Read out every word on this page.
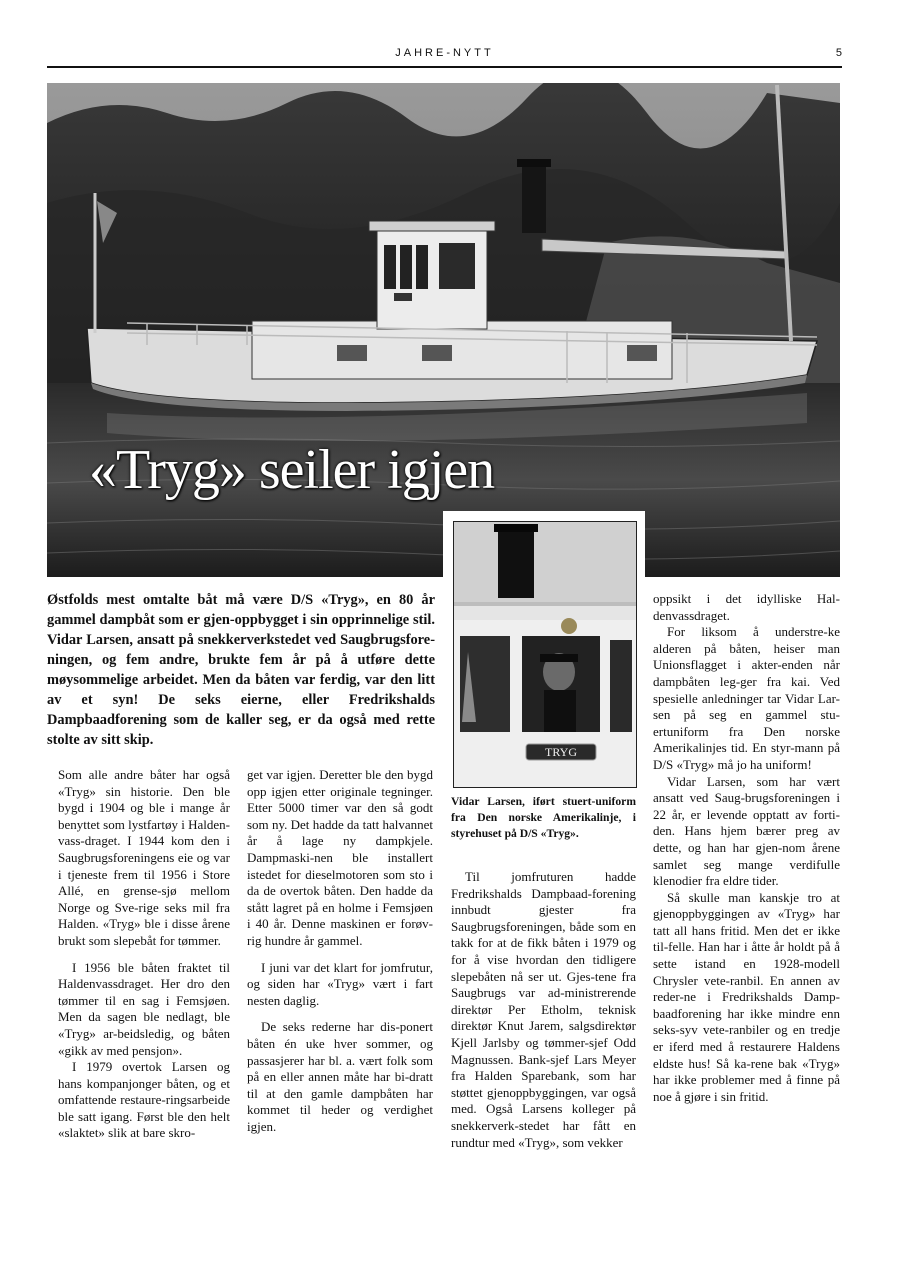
JAHRE-NYTT	5
«Tryg» seiler igjen
TRYG

Østfolds mest omtalte båt må være D/S «Tryg», en 80 år gammel dampbåt som er gjen-oppbygget i sin opprinnelige stil. Vidar Larsen, ansatt på snekkerverkstedet ved Saugbrugsfore-ningen, og fem andre, brukte fem år på å utføre dette møysommelige arbeidet. Men da båten var ferdig, var den litt av et syn! De seks eierne, eller Fredrikshalds Dampbaadforening som de kaller seg, er da også med rette stolte av sitt skip.

Vidar Larsen, iført stuert-uniform fra Den norske Amerikalinje, i styrehuset på D/S «Tryg».

Som alle andre båter har også «Tryg» sin historie. Den ble bygd i 1904 og ble i mange år benyttet som lystfartøy i Halden-vass-draget. I 1944 kom den i Saugbrugsforeningens eie og var i tjeneste frem til 1956 i Store Allé, en grense-sjø mellom Norge og Sve-rige seks mil fra Halden. «Tryg» ble i disse årene brukt som slepebåt for tømmer.

I 1956 ble båten fraktet til Haldenvassdraget. Her dro den tømmer til en sag i Femsjøen. Men da sagen ble nedlagt, ble «Tryg» ar-beidsledig, og båten «gikk av med pensjon».

I 1979 overtok Larsen og hans kompanjonger båten, og et omfattende restaure-ringsarbeide ble satt igang. Først ble den helt «slaktet» slik at bare skro-

get var igjen. Deretter ble den bygd opp igjen etter originale tegninger. Etter 5000 timer var den så godt som ny. Det hadde da tatt halvannet år å lage ny dampkjele. Dampmaski-nen ble installert istedet for dieselmotoren som sto i da de overtok båten. Den hadde da stått lagret på en holme i Femsjøen i 40 år. Denne maskinen er forøv-rig hundre år gammel.

I juni var det klart for jomfrutur, og siden har «Tryg» vært i fart nesten daglig.

De seks rederne har dis-ponert båten én uke hver sommer, og passasjerer har bl. a. vært folk som på en eller annen måte har bi-dratt til at den gamle dampbåten har kommet til heder og verdighet igjen.

Til jomfruturen hadde Fredrikshalds Dampbaad-forening innbudt gjester fra Saugbrugsforeningen, både som en takk for at de fikk båten i 1979 og for å vise hvordan den tidligere slepebåten nå ser ut. Gjes-tene fra Saugbrugs var ad-ministrerende direktør Per Etholm, teknisk direktør Knut Jarem, salgsdirektør Kjell Jarlsby og tømmer-sjef Odd Magnussen. Bank-sjef Lars Meyer fra Halden Sparebank, som har støttet gjenoppbyggingen, var også med. Også Larsens kolleger på snekkerverk-stedet har fått en rundtur med «Tryg», som vekker

oppsikt i det idylliske Hal-denvassdraget.

For liksom å understre-ke alderen på båten, heiser man Unionsflagget i akter-enden når dampbåten leg-ger fra kai. Ved spesielle anledninger tar Vidar Lar-sen på seg en gammel stu-ertuniform fra Den norske Amerikalinjes tid. En styr-mann på D/S «Tryg» må jo ha uniform!

Vidar Larsen, som har vært ansatt ved Saug-brugsforeningen i 22 år, er levende opptatt av forti-den. Hans hjem bærer preg av dette, og han har gjen-nom årene samlet seg mange verdifulle klenodier fra eldre tider.

Så skulle man kanskje tro at gjenoppbyggingen av «Tryg» har tatt all hans fritid. Men det er ikke til-felle. Han har i åtte år holdt på å sette istand en 1928-modell Chrysler vete-ranbil. En annen av reder-ne i Fredrikshalds Damp-baadforening har ikke mindre enn seks-syv vete-ranbiler og en tredje er iferd med å restaurere Haldens eldste hus! Så ka-rene bak «Tryg» har ikke problemer med å finne på noe å gjøre i sin fritid.
